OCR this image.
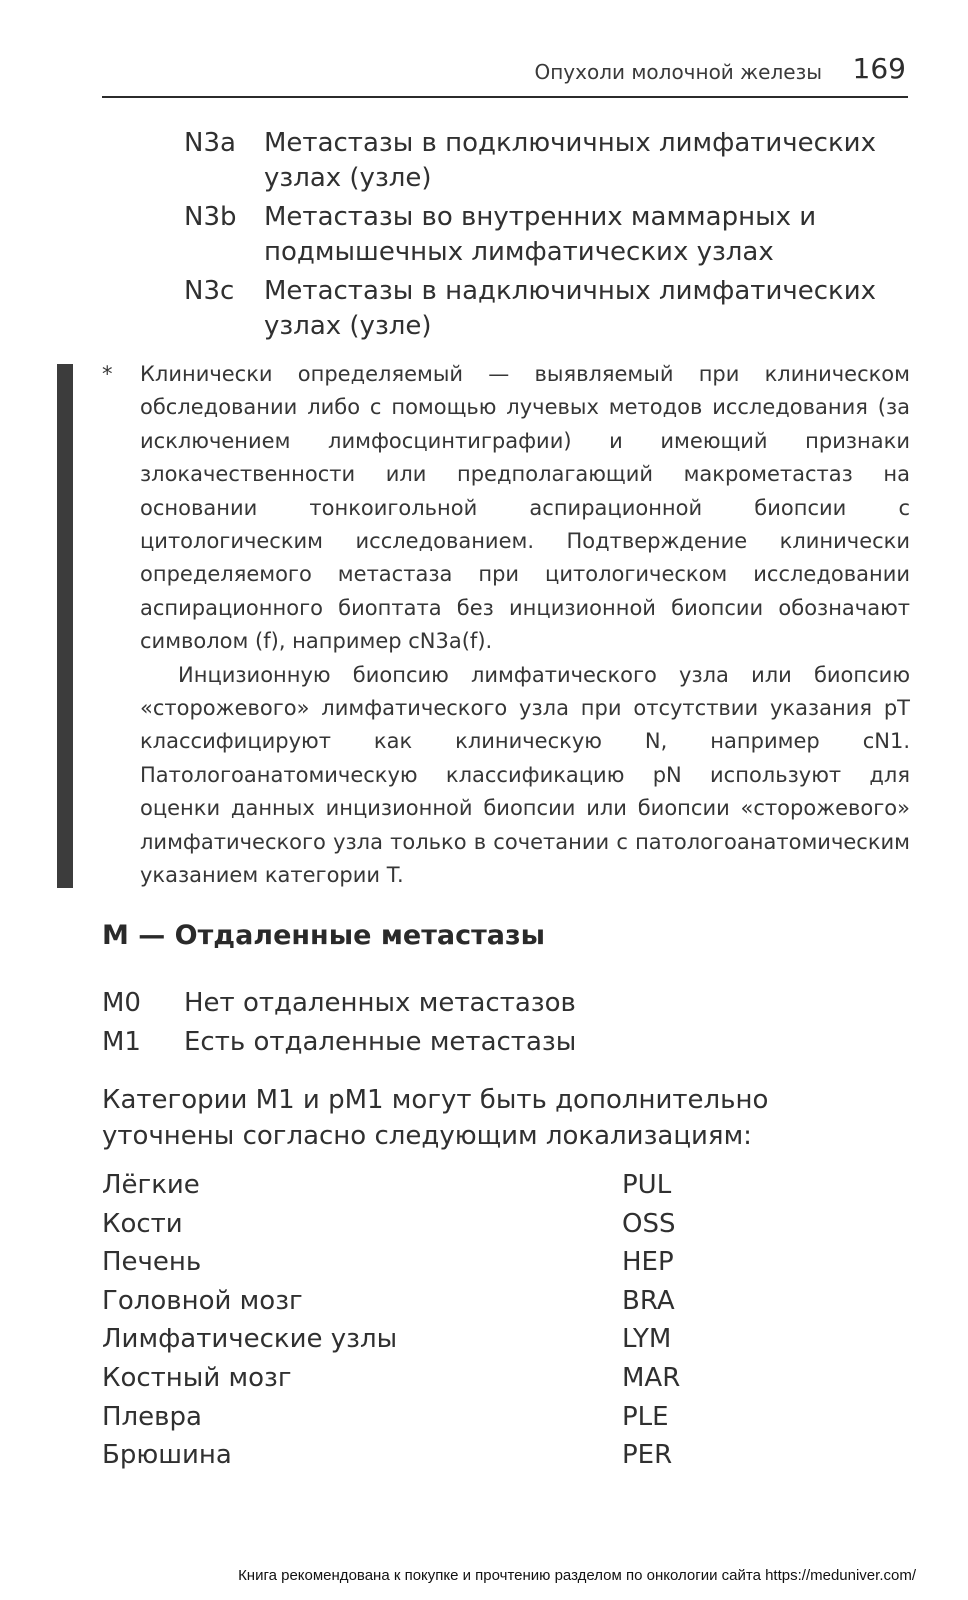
Опухоли молочной железы 169
N3a	Метастазы в подключичных лимфатических узлах (узле)
N3b	Метастазы во внутренних маммарных и подмышечных лимфатических узлах
N3c	Метастазы в надключичных лимфатических узлах (узле)
*	Клинически определяемый — выявляемый при клиническом обследовании либо с помощью лучевых методов исследования (за исключением лимфосцинтиграфии) и имеющий признаки злокачественности или предполагающий макрометастаз на основании тонкоигольной аспирационной биопсии с цитологическим исследованием. Подтверждение клинически определяемого метастаза при цитологическом исследовании аспирационного биоптата без инцизионной биопсии обозначают символом (f), например cN3a(f).

Инцизионную биопсию лимфатического узла или биопсию «сторожевого» лимфатического узла при отсутствии указания pT классифицируют как клиническую N, например cN1. Патологоанатомическую классификацию pN используют для оценки данных инцизионной биопсии или биопсии «сторожевого» лимфатического узла только в сочетании с патологоанатомическим указанием категории T.

M — Отдаленные метастазы
M0	Нет отдаленных метастазов
M1	Есть отдаленные метастазы
Категории M1 и pM1 могут быть дополнительно уточнены согласно следующим локализациям:
Лёгкие	PUL
Кости	OSS
Печень	HEP
Головной мозг	BRA
Лимфатические узлы	LYM
Костный мозг	MAR
Плевра	PLE
Брюшина	PER
Книга рекомендована к покупке и прочтению разделом по онкологии сайта https://meduniver.com/
